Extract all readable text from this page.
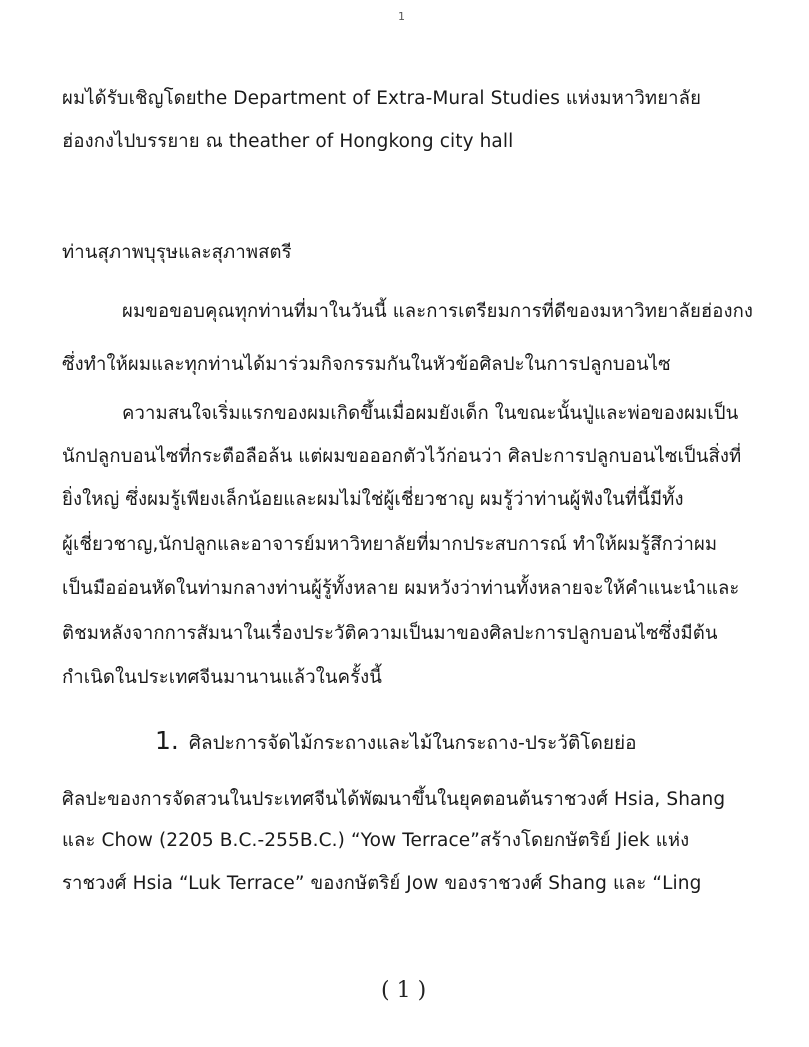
1
ผมได้รับเชิญโดยthe Department of Extra-Mural Studies แห่งมหาวิทยาลัย
ฮ่องกงไปบรรยาย ณ theather of Hongkong city hall
ท่านสุภาพบุรุษและสุภาพสตรี
ผมขอขอบคุณทุกท่านที่มาในวันนี้ และการเตรียมการที่ดีของมหาวิทยาลัยฮ่องกง
ซึ่งทำให้ผมและทุกท่านได้มาร่วมกิจกรรมกันในหัวข้อศิลปะในการปลูกบอนไซ
ความสนใจเริ่มแรกของผมเกิดขึ้นเมื่อผมยังเด็ก ในขณะนั้นปู่และพ่อของผมเป็น
นักปลูกบอนไซที่กระตือลือล้น แต่ผมขอออกตัวไว้ก่อนว่า ศิลปะการปลูกบอนไซเป็นสิ่งที่
ยิ่งใหญ่ ซึ่งผมรู้เพียงเล็กน้อยและผมไม่ใช่ผู้เชี่ยวชาญ ผมรู้ว่าท่านผู้ฟังในที่นี้มีทั้ง
ผู้เชี่ยวชาญ,นักปลูกและอาจารย์มหาวิทยาลัยที่มากประสบการณ์ ทำให้ผมรู้สึกว่าผม
เป็นมืออ่อนหัดในท่ามกลางท่านผู้รู้ทั้งหลาย ผมหวังว่าท่านทั้งหลายจะให้คำแนะนำและ
ติชมหลังจากการสัมนาในเรื่องประวัติความเป็นมาของศิลปะการปลูกบอนไซซึ่งมีต้น
กำเนิดในประเทศจีนมานานแล้วในครั้งนี้
1. ศิลปะการจัดไม้กระถางและไม้ในกระถาง-ประวัติโดยย่อ
ศิลปะของการจัดสวนในประเทศจีนได้พัฒนาขึ้นในยุคตอนต้นราชวงศ์ Hsia, Shang
และ Chow (2205 B.C.-255B.C.) “Yow Terrace”สร้างโดยกษัตริย์ Jiek แห่ง
ราชวงศ์ Hsia “Luk Terrace” ของกษัตริย์ Jow ของราชวงศ์ Shang และ “Ling
( 1 )
